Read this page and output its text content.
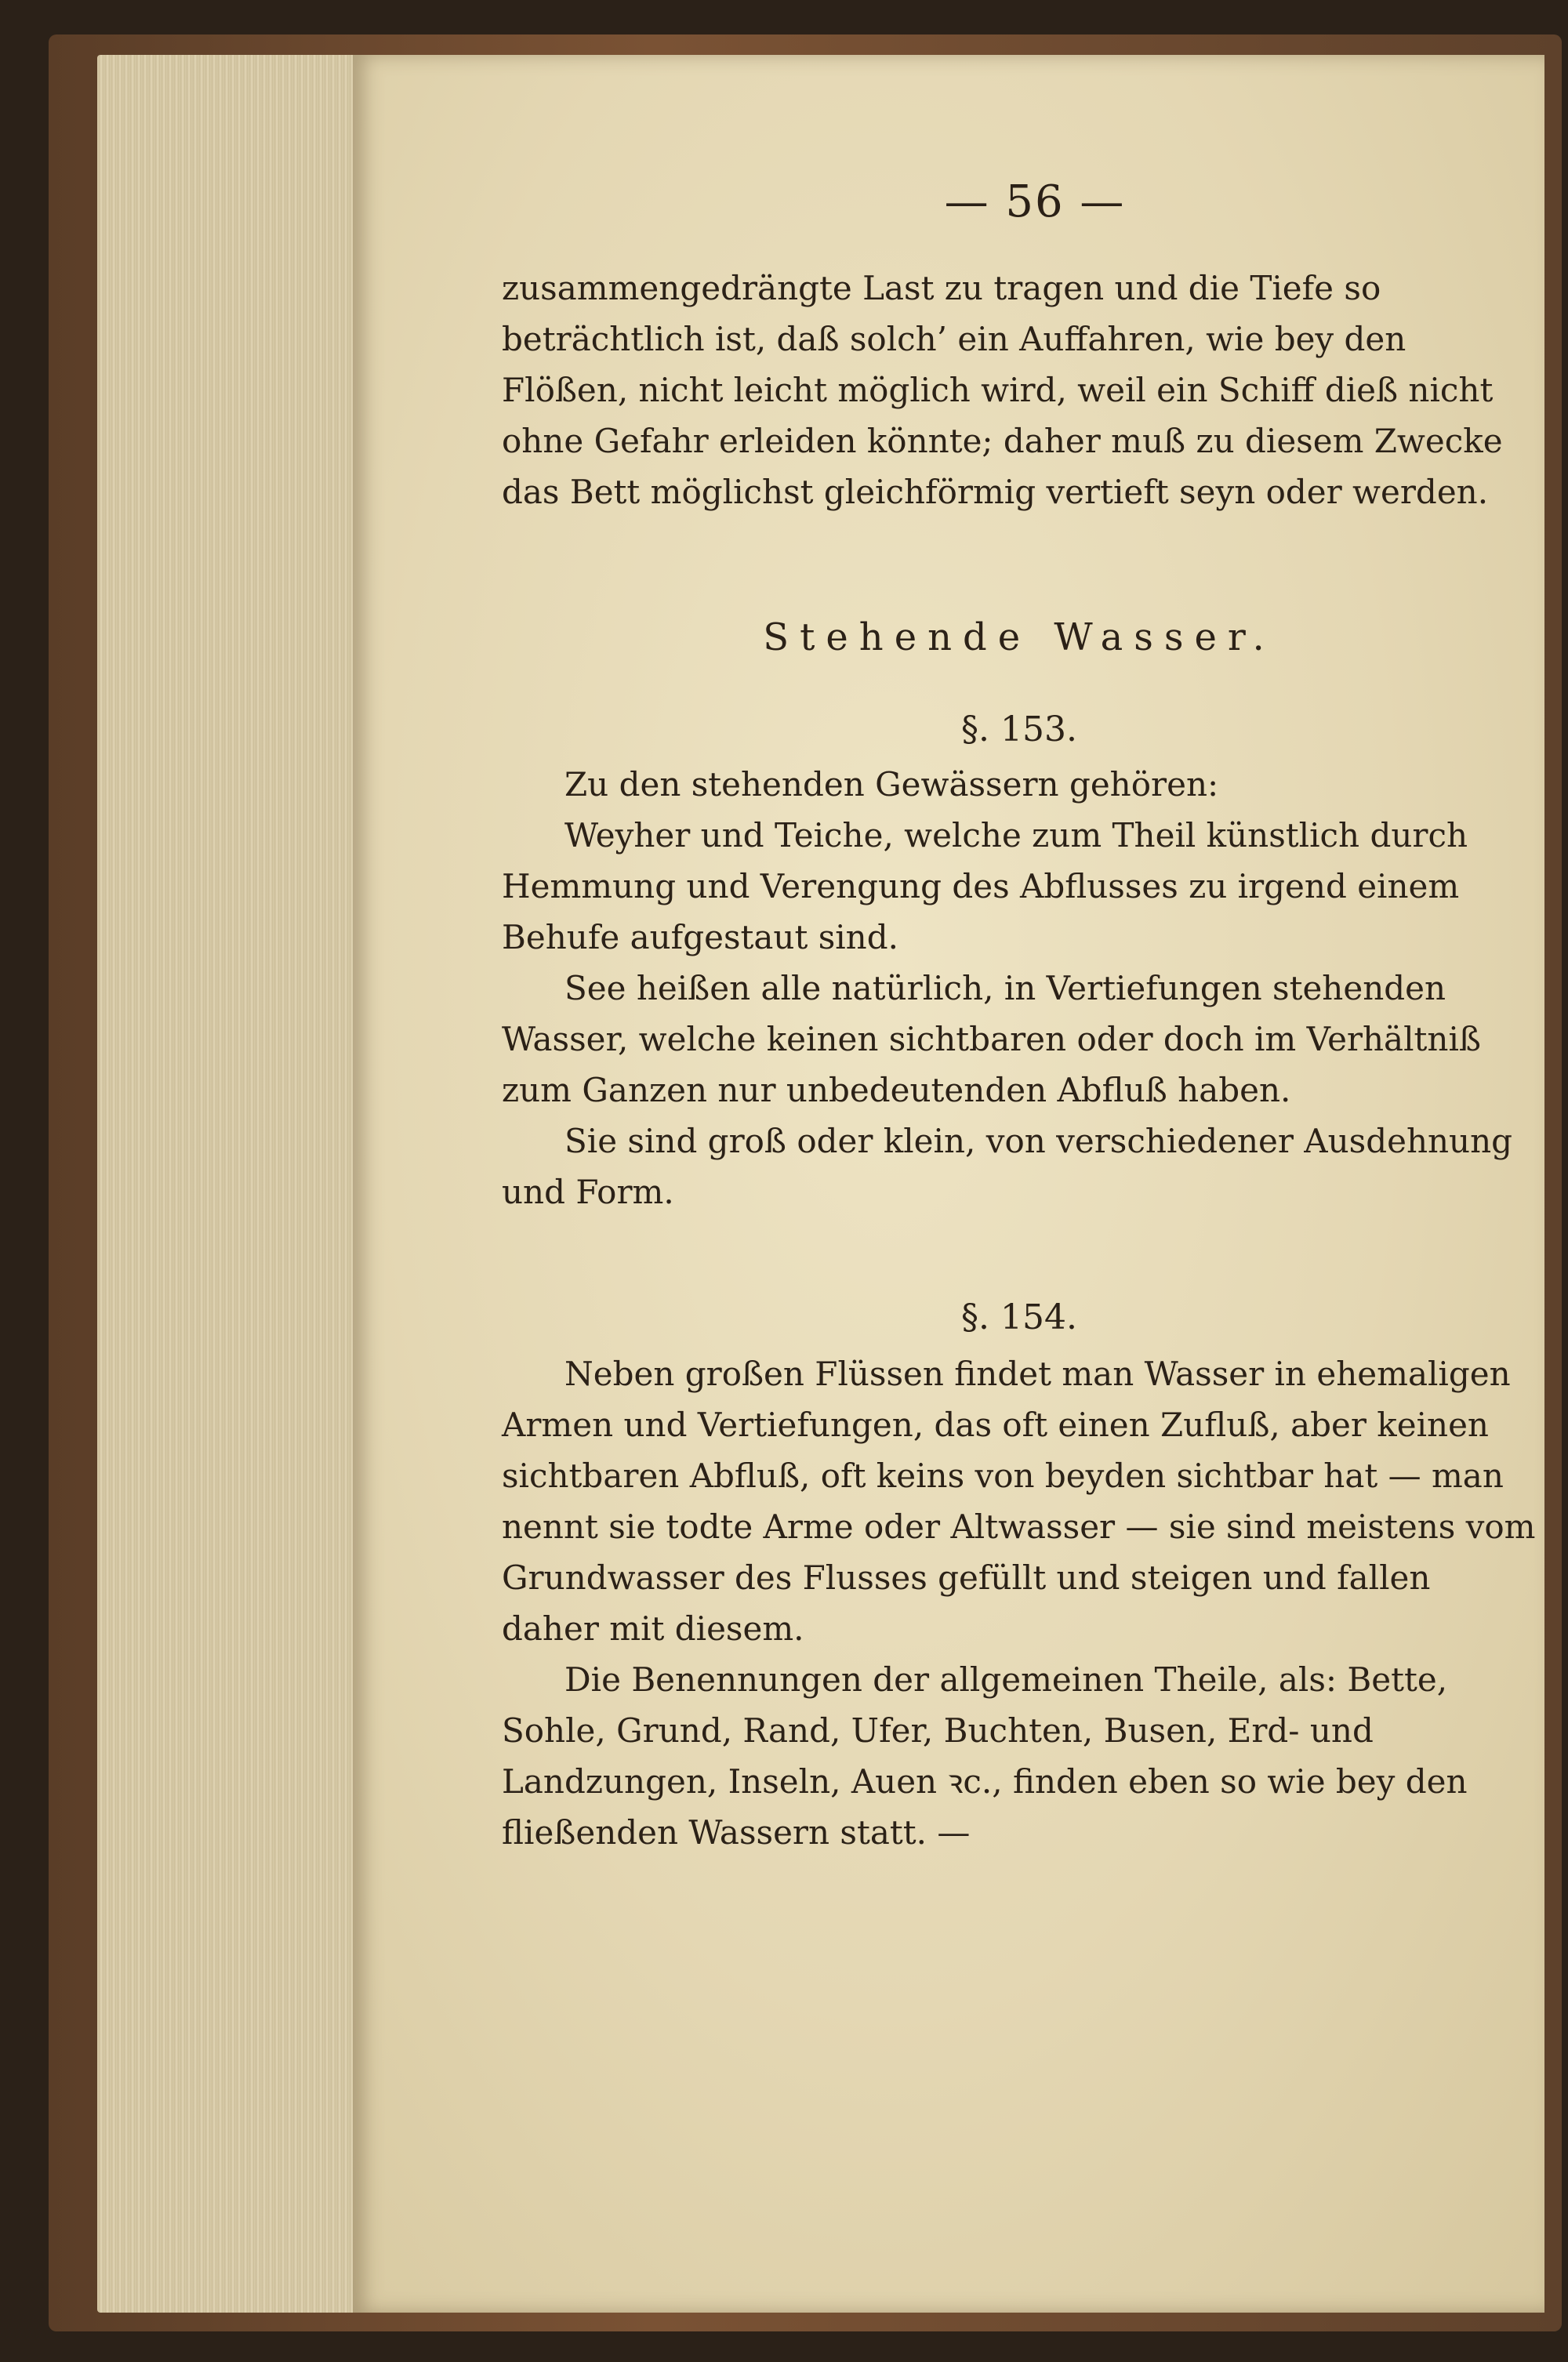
— 56 —

zusammengedrängte Last zu tragen und die Tiefe so beträchtlich ist, daß solch’ ein Auffahren, wie bey den Flößen, nicht leicht möglich wird, weil ein Schiff dieß nicht ohne Gefahr erleiden könnte; daher muß zu diesem Zwecke das Bett möglichst gleichförmig vertieft seyn oder werden.

Stehende Wasser.
§. 153.

Zu den stehenden Gewässern gehören:

Weyher und Teiche, welche zum Theil künstlich durch Hemmung und Verengung des Abflusses zu irgend einem Behufe aufgestaut sind.

See heißen alle natürlich, in Vertiefungen stehenden Wasser, welche keinen sichtbaren oder doch im Verhältniß zum Ganzen nur unbedeutenden Abfluß haben.

Sie sind groß oder klein, von verschiedener Ausdehnung und Form.

§. 154.

Neben großen Flüssen findet man Wasser in ehemaligen Armen und Vertiefungen, das oft einen Zufluß, aber keinen sichtbaren Abfluß, oft keins von beyden sichtbar hat — man nennt sie todte Arme oder Altwasser — sie sind meistens vom Grundwasser des Flusses gefüllt und steigen und fallen daher mit diesem.

Die Benennungen der allgemeinen Theile, als: Bette, Sohle, Grund, Rand, Ufer, Buchten, Busen, Erd- und Landzungen, Inseln, Auen ꝛc., finden eben so wie bey den fließenden Wassern statt. —
